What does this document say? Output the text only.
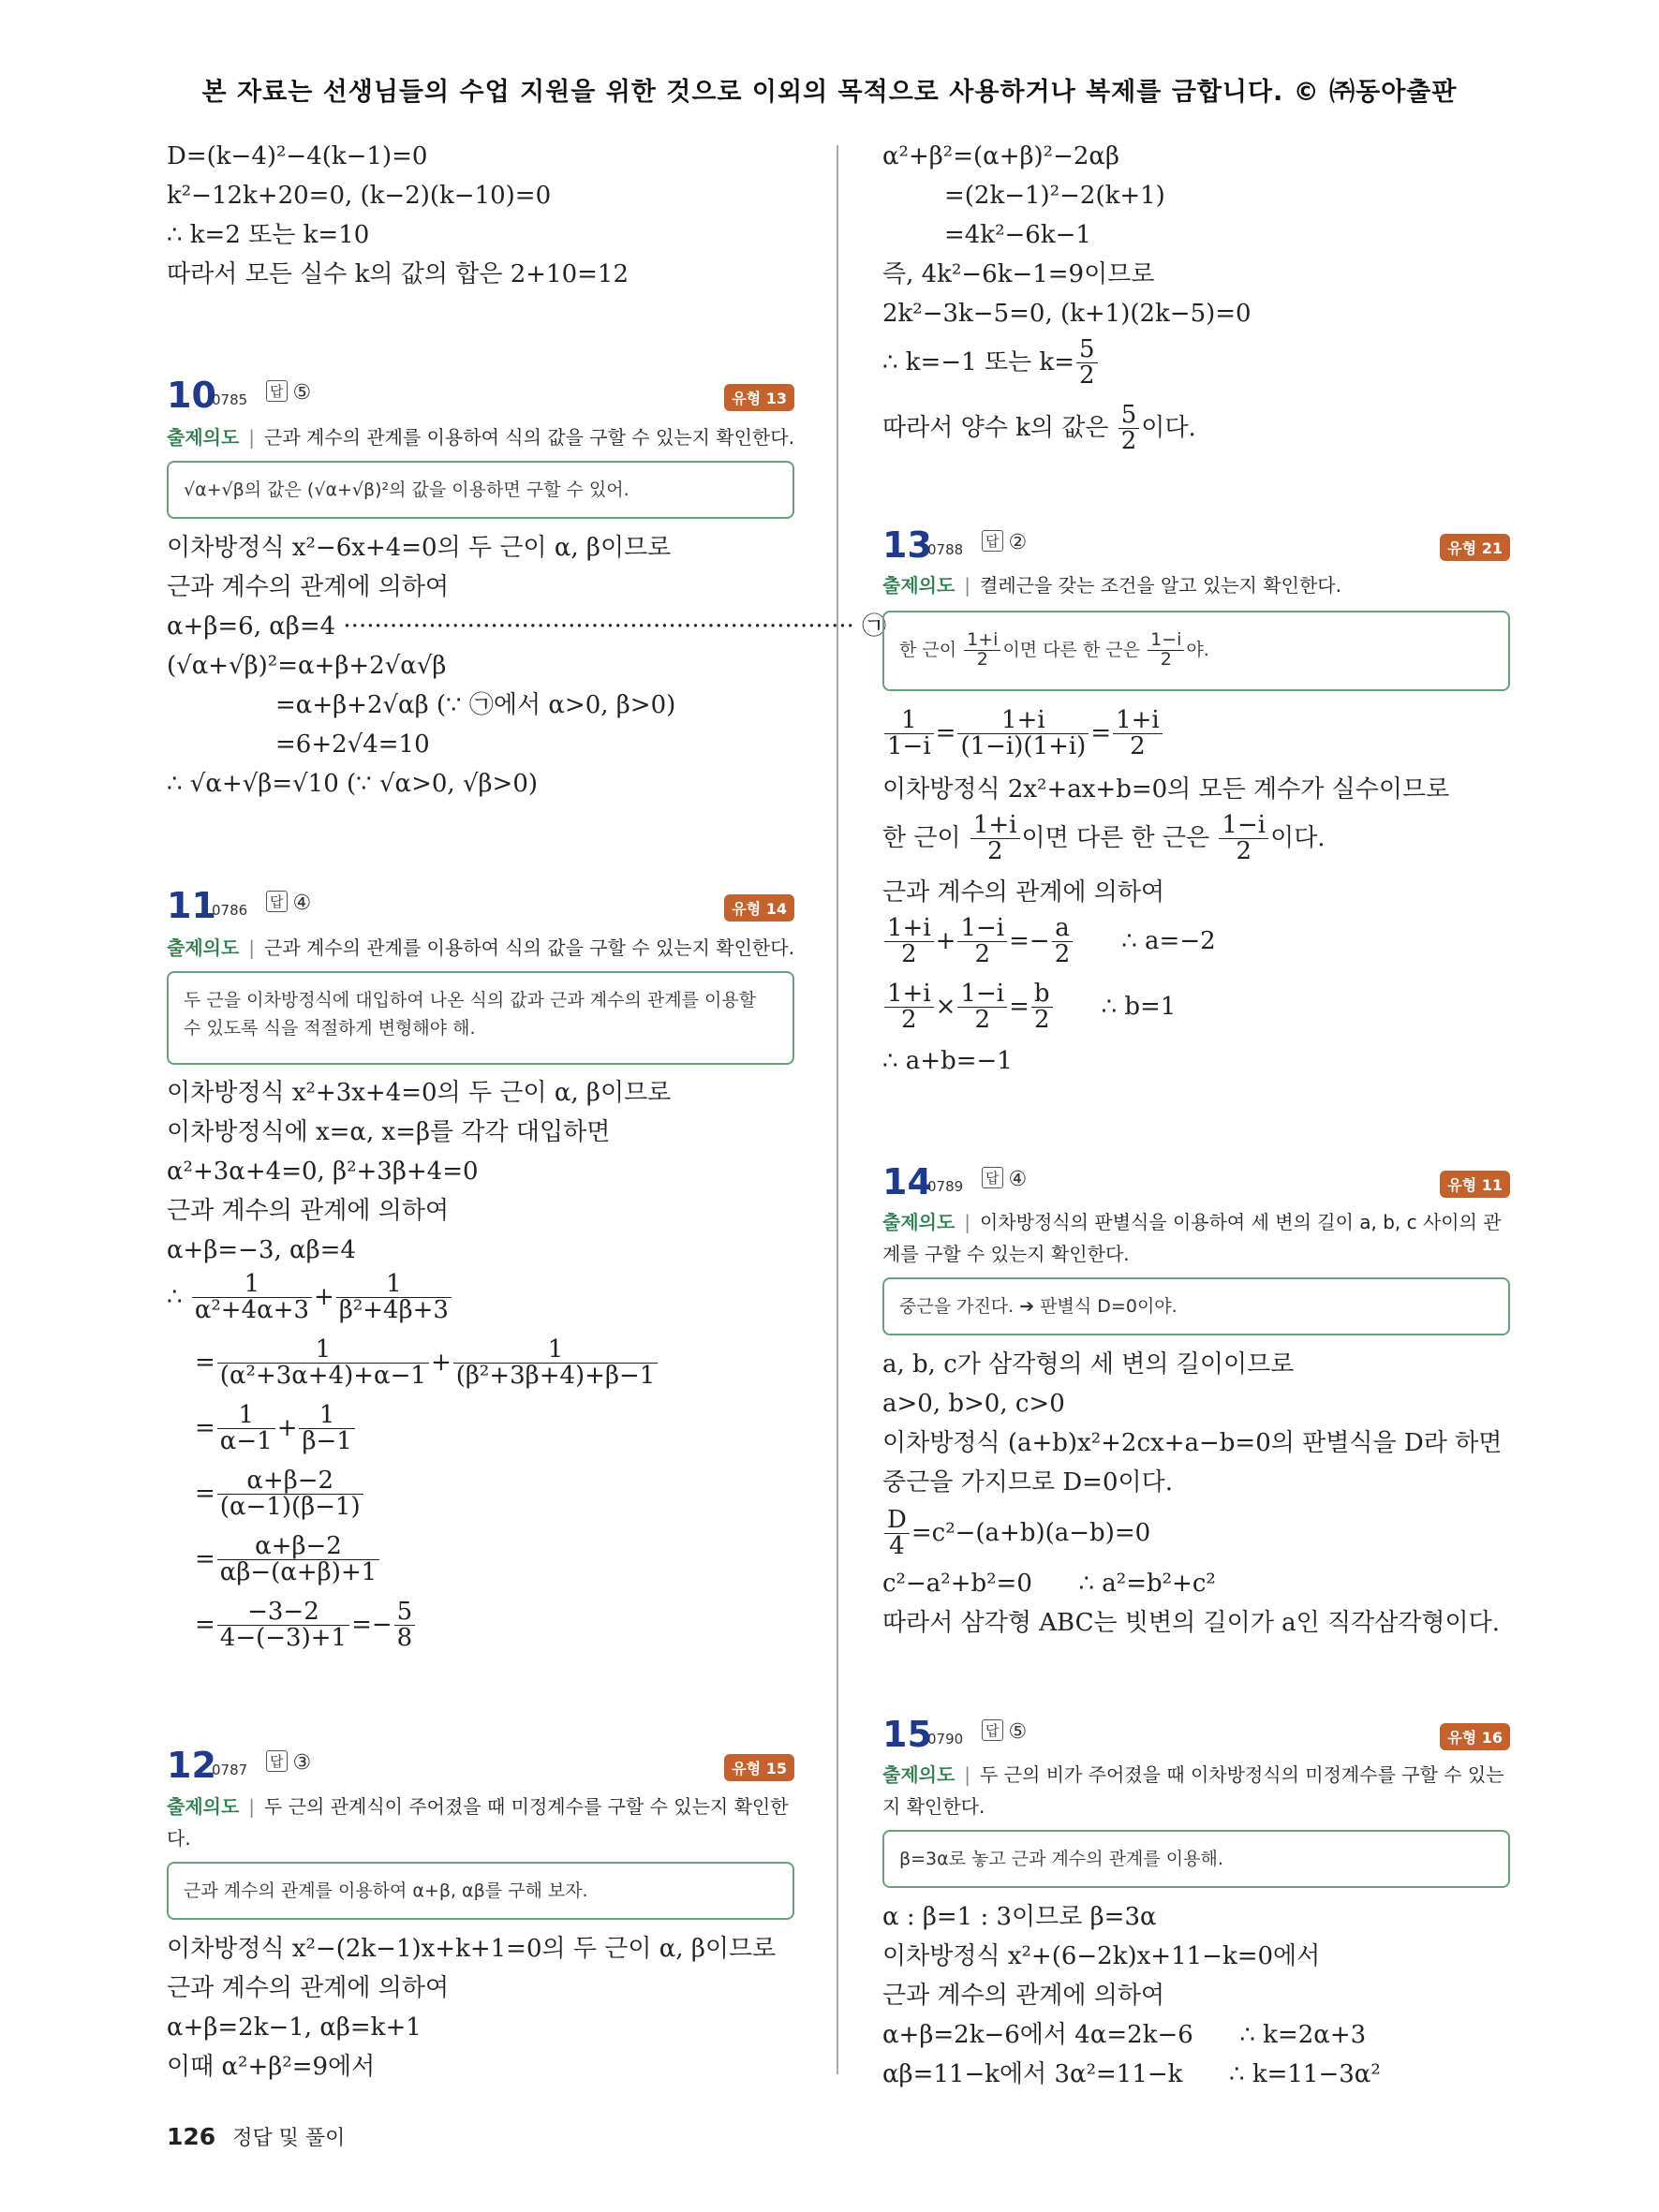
본 자료는 선생님들의 수업 지원을 위한 것으로 이외의 목적으로 사용하거나 복제를 금합니다. © ㈜동아출판
D=(k−4)²−4(k−1)=0
k²−12k+20=0, (k−2)(k−10)=0
∴ k=2 또는 k=10
따라서 모든 실수 k의 값의 합은 2+10=12
10
0785 답 ⑤	유형 13
출제의도 | 근과 계수의 관계를 이용하여 식의 값을 구할 수 있는지 확인한다.
√α+√β의 값은 (√α+√β)²의 값을 이용하면 구할 수 있어.
이차방정식 x²−6x+4=0의 두 근이 α, β이므로
근과 계수의 관계에 의하여
α+β=6, αβ=4 ·································································· ㉠
(√α+√β)²=α+β+2√α√β
=α+β+2√αβ (∵ ㉠에서 α>0, β>0)
=6+2√4=10
∴ √α+√β=√10 (∵ √α>0, √β>0)
11
0786 답 ④	유형 14
출제의도 | 근과 계수의 관계를 이용하여 식의 값을 구할 수 있는지 확인한다.
두 근을 이차방정식에 대입하여 나온 식의 값과 근과 계수의 관계를 이용할 수 있도록 식을 적절하게 변형해야 해.
이차방정식 x²+3x+4=0의 두 근이 α, β이므로
이차방정식에 x=α, x=β를 각각 대입하면
α²+3α+4=0, β²+3β+4=0
근과 계수의 관계에 의하여
α+β=−3, αβ=4
∴ $\frac{1}{\text{α²+4α+3}} + \frac{1}{\text{β²+4β+3}}$
= $\frac{1}{\text{(α²+3α+4)+α−1}} + \frac{1}{\text{(β²+3β+4)+β−1}}$
= $\frac{1}{\alpha-1} + \frac{1}{\beta-1}$
= $\frac{\alpha+\beta-2}{(\alpha-1)(\beta-1)}$
= $\frac{\alpha+\beta-2}{\alpha\beta-(\alpha+\beta)+1}$
= $\frac{-3-2}{4-(-3)+1} =- \frac{5}{8}$
12
0787 답 ③	유형 15
출제의도 | 두 근의 관계식이 주어졌을 때 미정계수를 구할 수 있는지 확인한
다.
근과 계수의 관계를 이용하여 α+β, αβ를 구해 보자.
이차방정식 x²−(2k−1)x+k+1=0의 두 근이 α, β이므로
근과 계수의 관계에 의하여
α+β=2k−1, αβ=k+1
이때 α²+β²=9에서
α²+β²=(α+β)²−2αβ
=(2k−1)²−2(k+1)
=4k²−6k−1
즉, 4k²−6k−1=9이므로
2k²−3k−5=0, (k+1)(2k−5)=0
∴ k=−1 또는 $k= \frac{5}{2}$
따라서 양수 k의 값은 $\frac{5}{2}$ 이다.
13
0788 답 ②	유형 21
출제의도 | 켤레근을 갖는 조건을 알고 있는지 확인한다.
한 근이 $\frac{1+i}{2}$ 이면 다른 한 근은 $\frac{1-i}{2}$ 야.
$\frac{1}{1-i} = \frac{1+i}{(1-i)(1+i)} = \frac{1+i}{2}$
이차방정식 2x²+ax+b=0의 모든 계수가 실수이므로
한 근이 $\frac{1+i}{2}$ 이면 다른 한 근은 $\frac{1-i}{2}$ 이다.
근과 계수의 관계에 의하여
$\frac{1+i}{2} + \frac{1-i}{2} =- \frac{a}{2}$ ∴ a=−2
$\frac{1+i}{2} \times \frac{1-i}{2} = \frac{b}{2}$ ∴ b=1
∴ a+b=−1
14
0789 답 ④	유형 11
출제의도 | 이차방정식의 판별식을 이용하여 세 변의 길이 a, b, c 사이의 관
계를 구할 수 있는지 확인한다.
중근을 가진다. ➔ 판별식 D=0이야.
a, b, c가 삼각형의 세 변의 길이이므로
a>0, b>0, c>0
이차방정식 (a+b)x²+2cx+a−b=0의 판별식을 D라 하면
중근을 가지므로 D=0이다.
$\frac{D}{4} =c^2-(a+b)(a-b)=0$
c²−a²+b²=0      ∴ a²=b²+c²
따라서 삼각형 ABC는 빗변의 길이가 a인 직각삼각형이다.
15
0790 답 ⑤	유형 16
출제의도 | 두 근의 비가 주어졌을 때 이차방정식의 미정계수를 구할 수 있는
지 확인한다.
β=3α로 놓고 근과 계수의 관계를 이용해.
α : β=1 : 3이므로 β=3α
이차방정식 x²+(6−2k)x+11−k=0에서
근과 계수의 관계에 의하여
α+β=2k−6에서 4α=2k−6      ∴ k=2α+3
αβ=11−k에서 3α²=11−k      ∴ k=11−3α²
126 정답 및 풀이
